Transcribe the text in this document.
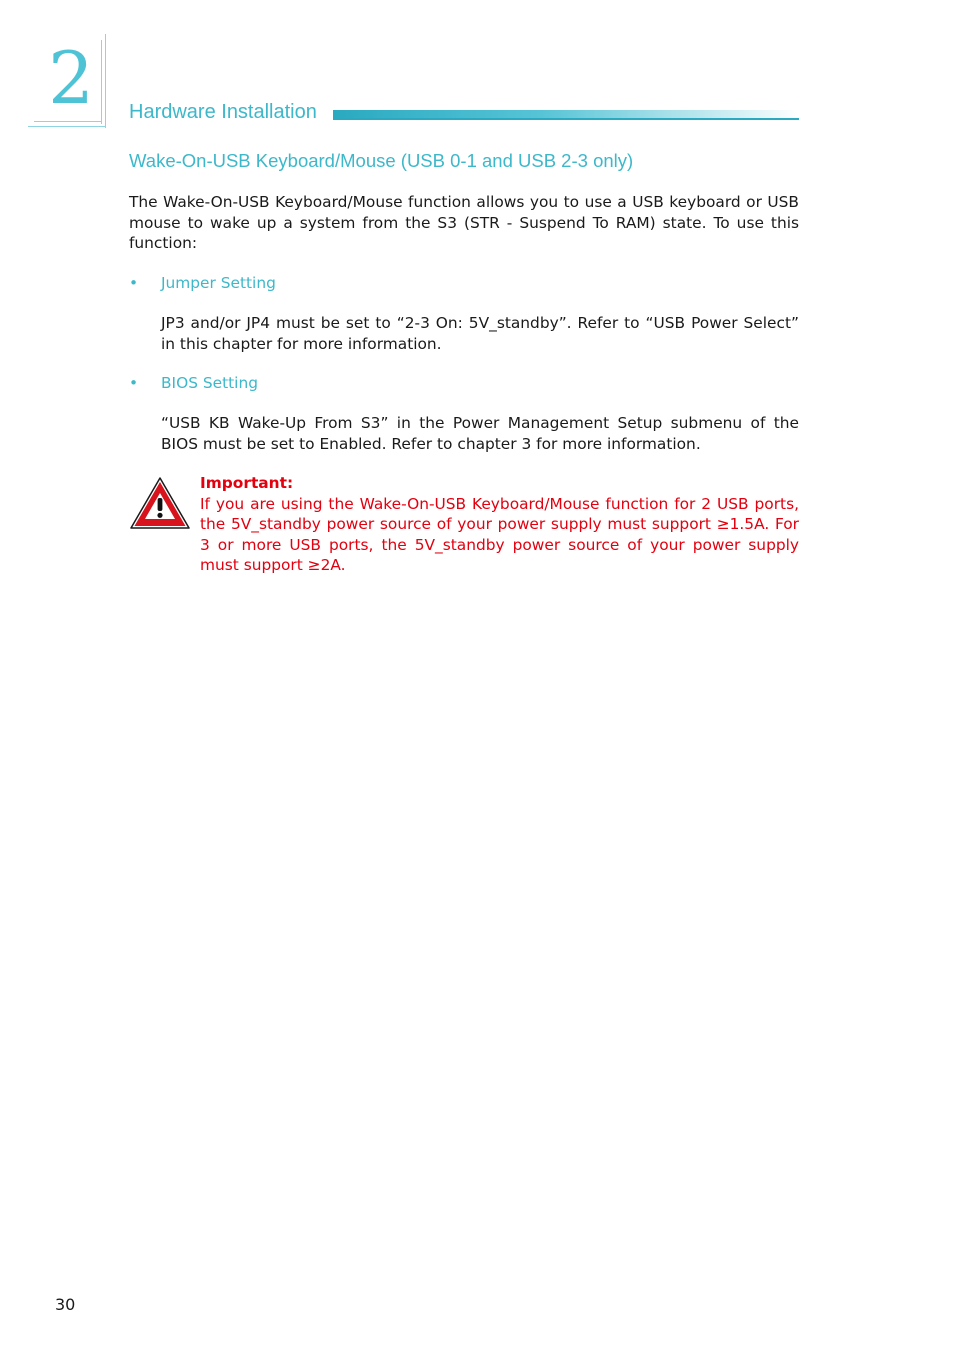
2 Hardware Installation
Wake-On-USB Keyboard/Mouse (USB 0-1 and USB 2-3 only)
The Wake-On-USB Keyboard/Mouse function allows you to use a USB keyboard or USB mouse to wake up a system from the S3 (STR - Suspend To RAM) state. To use this function:
• Jumper Setting
JP3 and/or JP4 must be set to “2-3 On: 5V_standby”. Refer to “USB Power Select” in this chapter for more information.
• BIOS Setting
“USB KB Wake-Up From S3” in the Power Management Setup submenu of the BIOS must be set to Enabled. Refer to chapter 3 for more information.
Important:
If you are using the Wake-On-USB Keyboard/Mouse function for 2 USB ports, the 5V_standby power source of your power supply must support ≥1.5A. For 3 or more USB ports, the 5V_standby power source of your power supply must support ≥2A.
30
